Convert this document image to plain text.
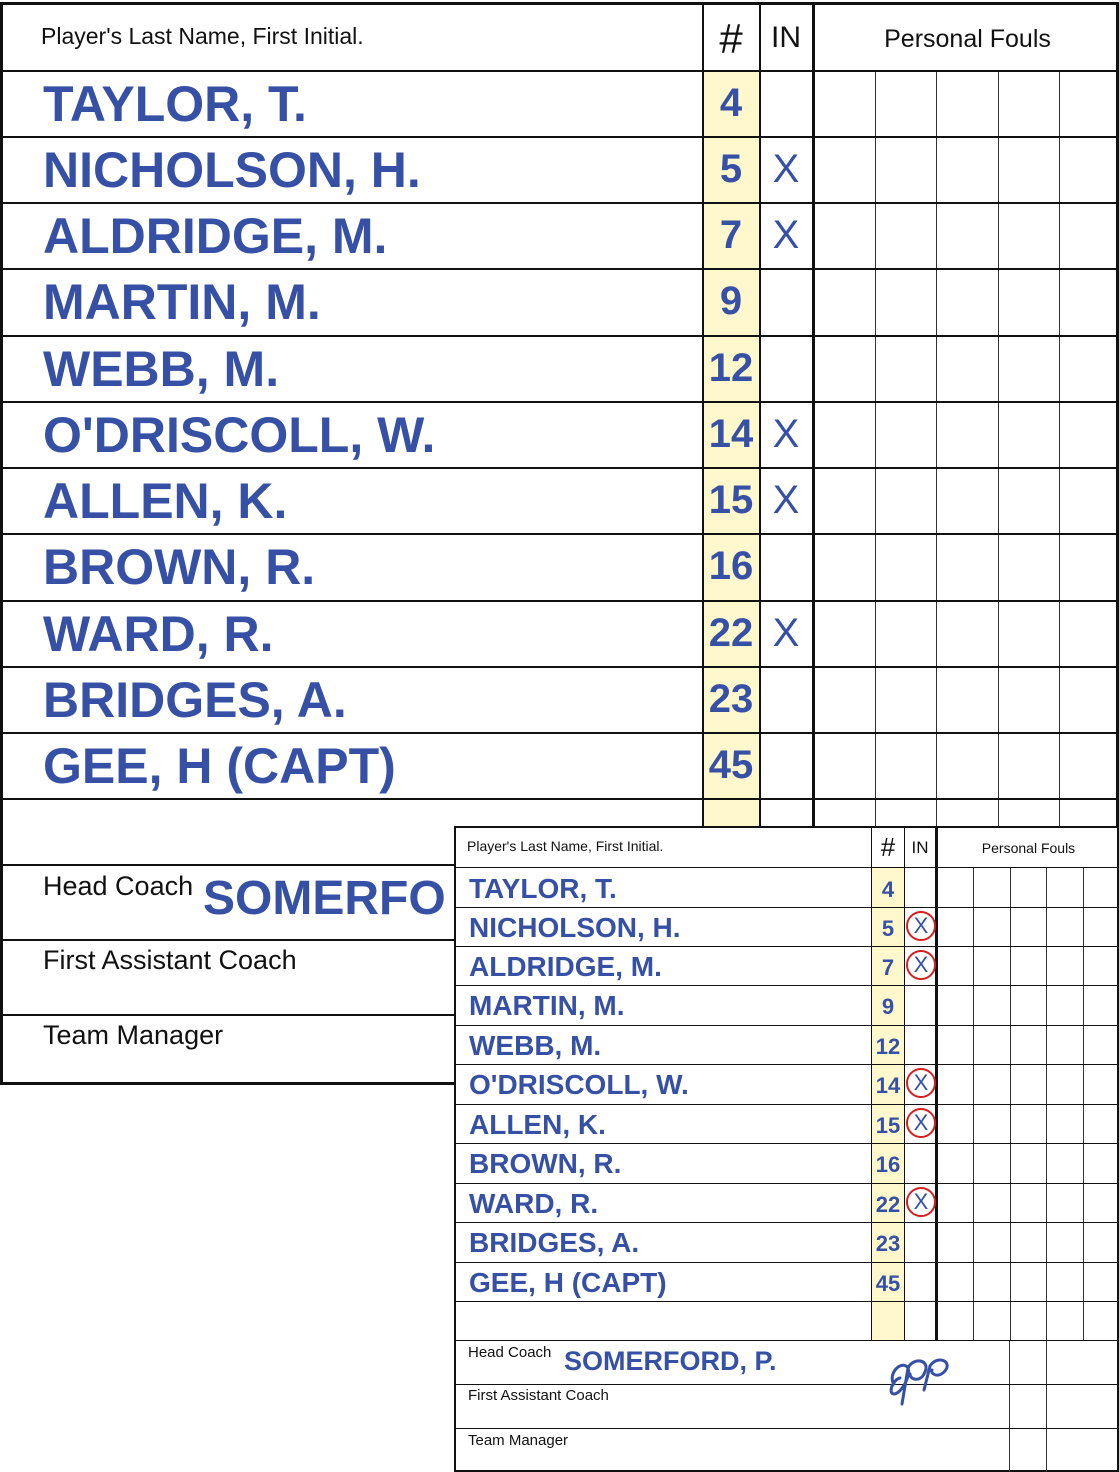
Player's Last Name, First Initial.	# IN	Personal Fouls
TAYLOR, T.	4
NICHOLSON, H.	5 X
ALDRIDGE, M.	7 X
MARTIN, M.	9
WEBB, M.	12
O'DRISCOLL, W.	14 X
ALLEN, K.	15 X
BROWN, R.	16
WARD, R.	22 X
BRIDGES, A.	23
GEE, H (CAPT)	45
Head Coach SOMERFO
First Assistant Coach
Team Manager
Player's Last Name, First Initial.	# IN	Personal Fouls
TAYLOR, T.	4
NICHOLSON, H.	5 X
ALDRIDGE, M.	7 X
MARTIN, M.	9
WEBB, M.	12
O'DRISCOLL, W.	14 X
ALLEN, K.	15 X
BROWN, R.	16
WARD, R.	22 X
BRIDGES, A.	23
GEE, H (CAPT)	45
Head Coach SOMERFORD, P.
First Assistant Coach
Team Manager
